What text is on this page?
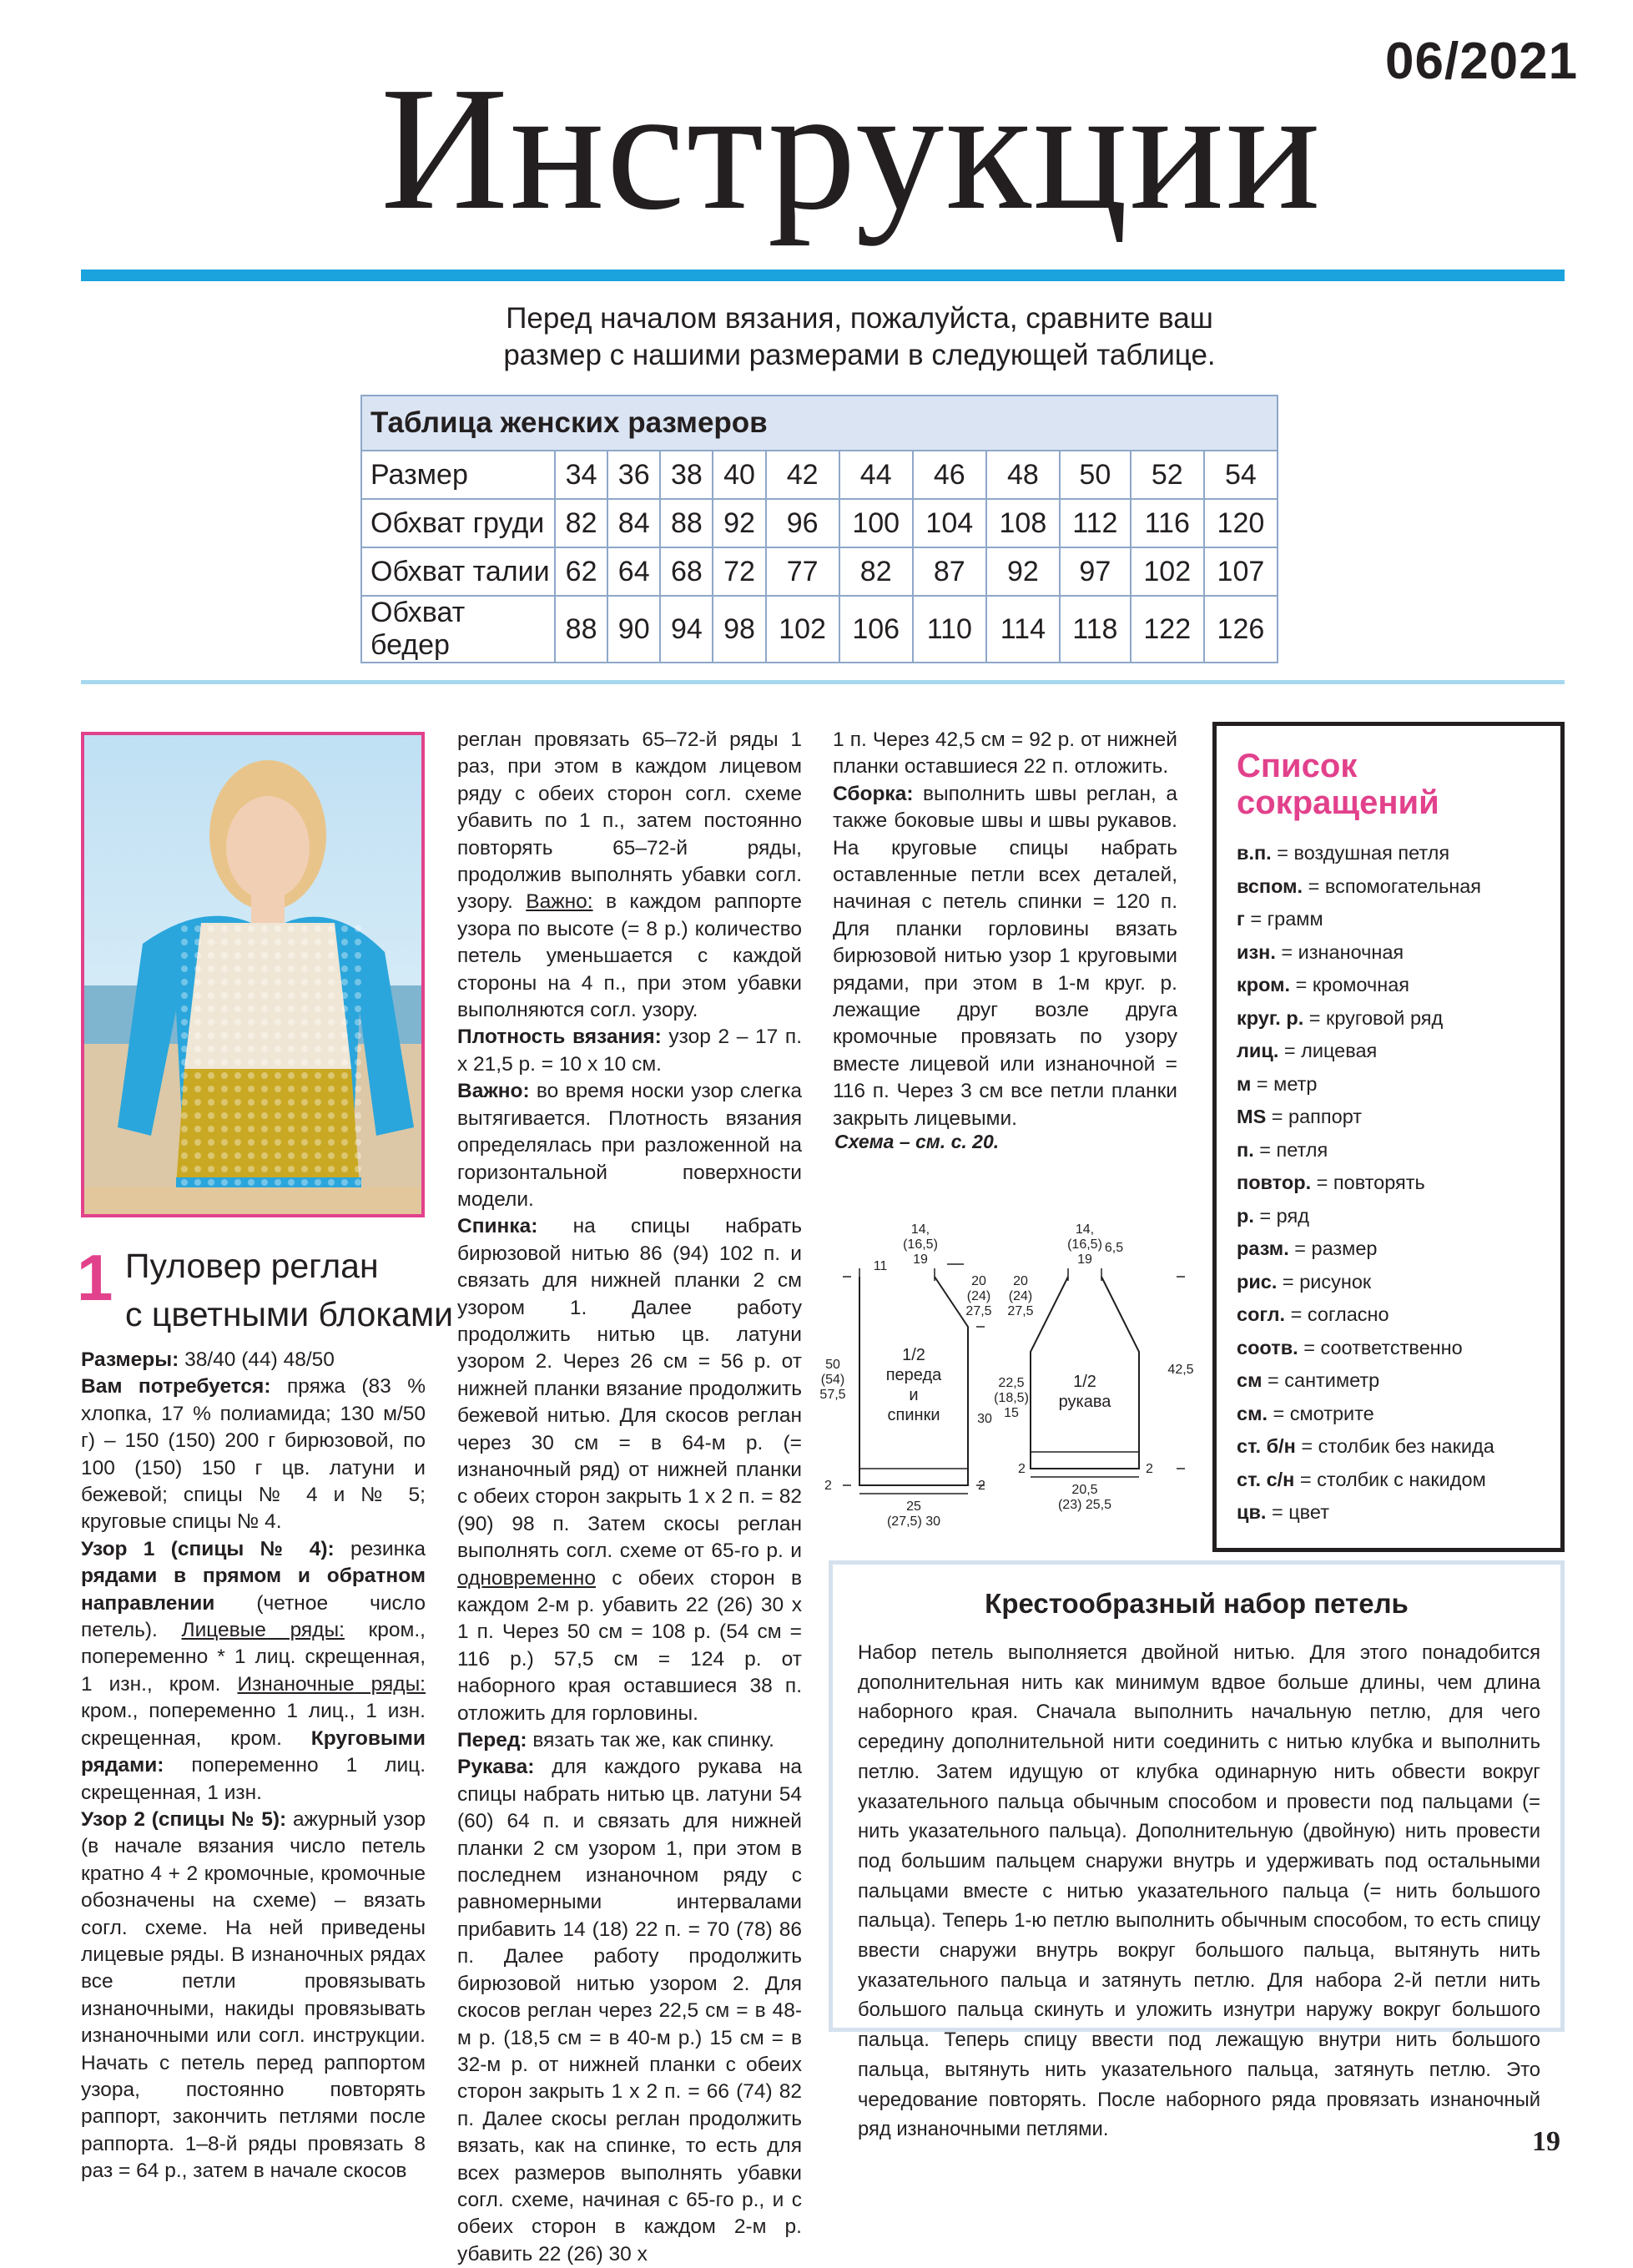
06/2021
Инструкции
Перед началом вязания, пожалуйста, сравните ваш
размер с нашими размерами в следующей таблице.
Таблица женских размеров											
Размер	34	36	38	40	42	44	46	48	50	52	54
Обхват груди	82	84	88	92	96	100	104	108	112	116	120
Обхват талии	62	64	68	72	77	82	87	92	97	102	107
Обхват бедер	88	90	94	98	102	106	110	114	118	122	126
1 Пуловер реглан
с цветными блоками

Размеры: 38/40 (44) 48/50

Вам потребуется: пряжа (83 % хлопка, 17 % полиамида; 130 м/50 г) – 150 (150) 200 г бирюзовой, по 100 (150) 150 г цв. латуни и бежевой; спицы № 4 и № 5; круговые спицы № 4.

Узор 1 (спицы № 4): резинка рядами в прямом и обратном направлении (четное число петель). Лицевые ряды: кром., попеременно * 1 лиц. скрещенная, 1 изн., кром. Изнаночные ряды: кром., попеременно 1 лиц., 1 изн. скрещенная, кром. Круговыми рядами: попеременно 1 лиц. скрещенная, 1 изн.

Узор 2 (спицы № 5): ажурный узор (в начале вязания число петель кратно 4 + 2 кромочные, кромочные обозначены на схеме) – вязать согл. схеме. На ней приведены лицевые ряды. В изнаночных рядах все петли провязывать изнаночными, накиды провязывать изнаночными или согл. инструкции. Начать с петель перед раппортом узора, постоянно повторять раппорт, закончить петлями после раппорта. 1–8-й ряды провязать 8 раз = 64 р., затем в начале скосов

реглан провязать 65–72-й ряды 1 раз, при этом в каждом лицевом ряду с обеих сторон согл. схеме убавить по 1 п., затем постоянно повторять 65–72-й ряды, продолжив выполнять убавки согл. узору. Важно: в каждом раппорте узора по высоте (= 8 р.) количество петель уменьшается с каждой стороны на 4 п., при этом убавки выполняются согл. узору.

Плотность вязания: узор 2 – 17 п. х 21,5 р. = 10 х 10 см.

Важно: во время носки узор слегка вытягивается. Плотность вязания определялась при разложенной на горизонтальной поверхности модели.

Спинка: на спицы набрать бирюзовой нитью 86 (94) 102 п. и связать для нижней планки 2 см узором 1. Далее работу продолжить нитью цв. латуни узором 2. Через 26 см = 56 р. от нижней планки вязание продолжить бежевой нитью. Для скосов реглан через 30 см = в 64-м р. (= изнаночный ряд) от нижней планки с обеих сторон закрыть 1 х 2 п. = 82 (90) 98 п. Затем скосы реглан выполнять согл. схеме от 65-го р. и одновременно с обеих сторон в каждом 2-м р. убавить 22 (26) 30 х 1 п. Через 50 см = 108 р. (54 см = 116 р.) 57,5 см = 124 р. от наборного края оставшиеся 38 п. отложить для горловины.

Перед: вязать так же, как спинку.

Рукава: для каждого рукава на спицы набрать нитью цв. латуни 54 (60) 64 п. и связать для нижней планки 2 см узором 1, при этом в последнем изнаночном ряду с равномерными интервалами прибавить 14 (18) 22 п. = 70 (78) 86 п. Далее работу продолжить бирюзовой нитью узором 2. Для скосов реглан через 22,5 см = в 48-м р. (18,5 см = в 40-м р.) 15 см = в 32-м р. от нижней планки с обеих сторон закрыть 1 х 2 п. = 66 (74) 82 п. Далее скосы реглан продолжить вязать, как на спинке, то есть для всех размеров выполнять убавки согл. схеме, начиная с 65-го р., и с обеих сторон в каждом 2-м р. убавить 22 (26) 30 х

1 п. Через 42,5 см = 92 р. от нижней планки оставшиеся 22 п. отложить.

Сборка: выполнить швы реглан, а также боковые швы и швы рукавов. На круговые спицы набрать оставленные петли всех деталей, начиная с петель спинки = 120 п. Для планки горловины вязать бирюзовой нитью узор 1 круговыми рядами, при этом в 1-м круг. р. лежащие друг возле друга кромочные провязать по узору вместе лицевой или изнаночной = 116 п. Через 3 см все петли планки закрыть лицевыми.

Схема – см. с. 20.
11
14, (16,5) 19
20 (24) 27,5
1/2 переда и спинки	30
50 (54) 57,5
25 (27,5) 30
2	2
14, (16,5) 19
6,5
20 (24) 27,5
1/2 рукава
42,5
22,5 (18,5) 15
20,5 (23) 25,5
2	2
Список
сокращений
в.п. = воздушная петля
вспом. = вспомогательная
г = грамм
изн. = изнаночная
кром. = кромочная
круг. р. = круговой ряд
лиц. = лицевая
м = метр
MS = раппорт
п. = петля
повтор. = повторять
р. = ряд
разм. = размер
рис. = рисунок
согл. = согласно
соотв. = соответственно
см = сантиметр
см. = смотрите
ст. б/н = столбик без накида
ст. с/н = столбик с накидом
цв. = цвет
Крестообразный набор петель
Набор петель выполняется двойной нитью. Для этого понадобится дополнительная нить как минимум вдвое больше длины, чем длина наборного края. Сначала выполнить начальную петлю, для чего середину дополнительной нити соединить с нитью клубка и выполнить петлю. Затем идущую от клубка одинарную нить обвести вокруг указательного пальца обычным способом и провести под пальцами (= нить указательного пальца). Дополнительную (двойную) нить провести под большим пальцем снаружи внутрь и удерживать под остальными пальцами вместе с нитью указательного пальца (= нить большого пальца). Теперь 1-ю петлю выполнить обычным способом, то есть спицу ввести снаружи внутрь вокруг большого пальца, вытянуть нить указательного пальца и затянуть петлю. Для набора 2-й петли нить большого пальца скинуть и уложить изнутри наружу вокруг большого пальца. Теперь спицу ввести под лежащую внутри нить большого пальца, вытянуть нить указательного пальца, затянуть петлю. Это чередование повторять. После наборного ряда провязать изнаночный ряд изнаночными петлями.	19
